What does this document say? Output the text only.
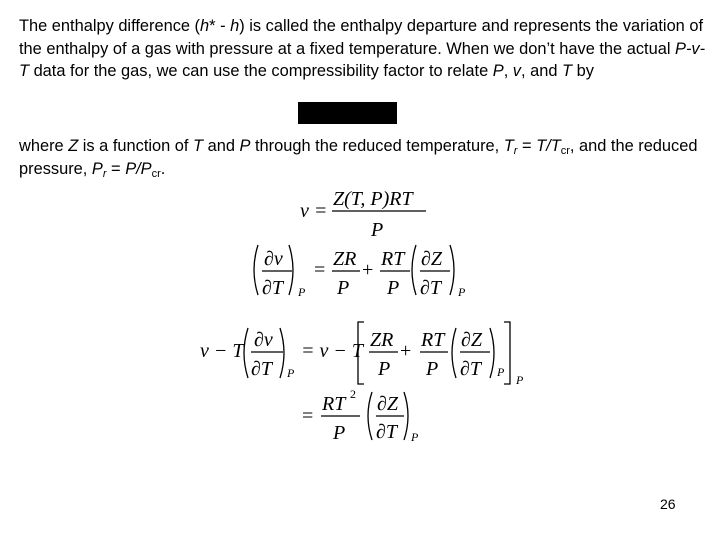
The enthalpy difference (h* - h) is called the enthalpy departure and represents the variation of the enthalpy of a gas with pressure at a fixed temperature. When we don’t have the actual P-v-T data for the gas, we can use the compressibility factor to relate P, v, and T by

where Z is a function of T and P through the reduced temperature, $T_r = T/T_{cr}$, and the reduced pressure, $P_r = P/P_{cr}$.

v =
Z(T, P)RT
P
∂v
∂T P
= ZR
P
+ RT
P
∂Z
∂T P
v − T ∂v
∂T P
= v − T ZR
P
+ RT
P
∂Z
∂T P
P
=
RT 2
P
∂Z
∂T P
26
